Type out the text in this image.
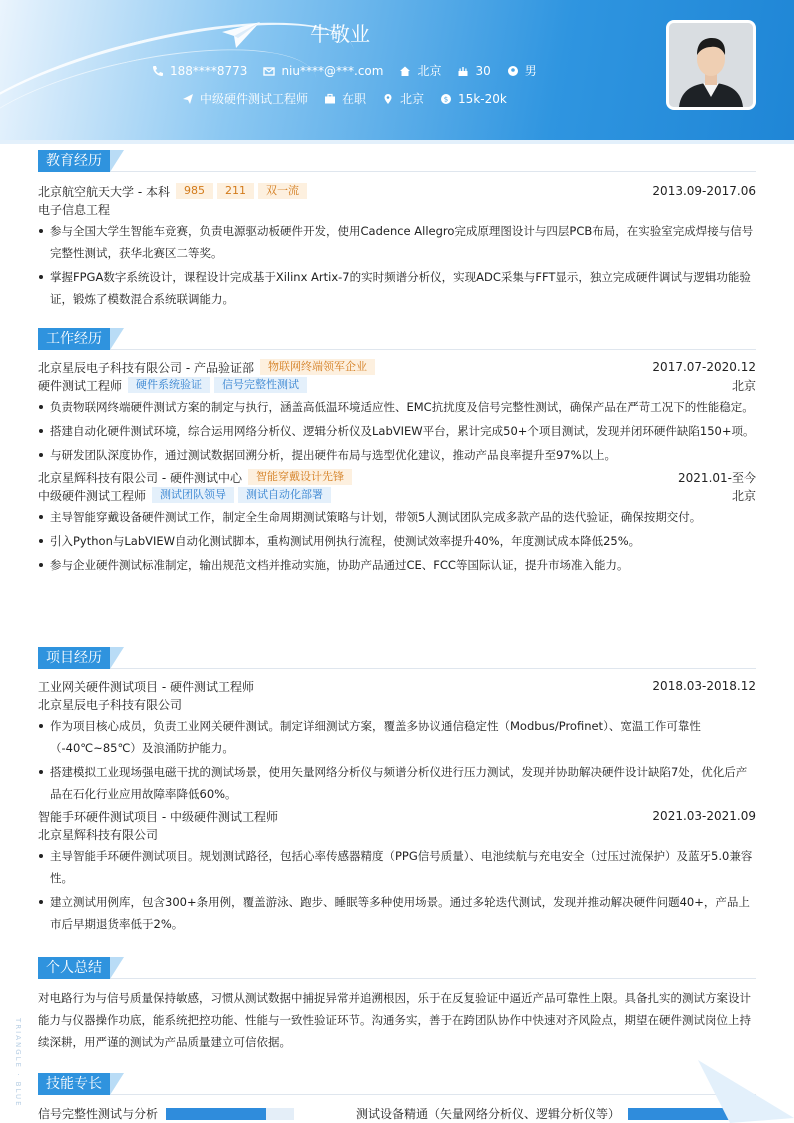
牛敬业
188****8773	niu****@***.com	北京	30	男
中级硬件测试工程师	在职	北京	$ 15k-20k
教育经历
北京航空航天大学 - 本科	985	211	双一流	2013.09-2017.06
电子信息工程
参与全国大学生智能车竞赛，负责电源驱动板硬件开发，使用Cadence Allegro完成原理图设计与四层PCB布局，在实验室完成焊接与信号完整性测试，获华北赛区二等奖。
掌握FPGA数字系统设计，课程设计完成基于Xilinx Artix-7的实时频谱分析仪，实现ADC采集与FFT显示，独立完成硬件调试与逻辑功能验证，锻炼了模数混合系统联调能力。
工作经历
北京星辰电子科技有限公司 - 产品验证部	物联网终端领军企业	2017.07-2020.12
硬件测试工程师	硬件系统验证	信号完整性测试	北京
负责物联网终端硬件测试方案的制定与执行，涵盖高低温环境适应性、EMC抗扰度及信号完整性测试，确保产品在严苛工况下的性能稳定。
搭建自动化硬件测试环境，综合运用网络分析仪、逻辑分析仪及LabVIEW平台，累计完成50+个项目测试，发现并闭环硬件缺陷150+项。
与研发团队深度协作，通过测试数据回溯分析，提出硬件布局与选型优化建议，推动产品良率提升至97%以上。
北京星辉科技有限公司 - 硬件测试中心	智能穿戴设计先锋	2021.01-至今
中级硬件测试工程师	测试团队领导	测试自动化部署	北京
主导智能穿戴设备硬件测试工作，制定全生命周期测试策略与计划，带领5人测试团队完成多款产品的迭代验证，确保按期交付。
引入Python与LabVIEW自动化测试脚本，重构测试用例执行流程，使测试效率提升40%，年度测试成本降低25%。
参与企业硬件测试标准制定，输出规范文档并推动实施，协助产品通过CE、FCC等国际认证，提升市场准入能力。
项目经历
工业网关硬件测试项目 - 硬件测试工程师	2018.03-2018.12
北京星辰电子科技有限公司
作为项目核心成员，负责工业网关硬件测试。制定详细测试方案，覆盖多协议通信稳定性（Modbus/Profinet）、宽温工作可靠性（-40℃~85℃）及浪涌防护能力。
搭建模拟工业现场强电磁干扰的测试场景，使用矢量网络分析仪与频谱分析仪进行压力测试，发现并协助解决硬件设计缺陷7处，优化后产品在石化行业应用故障率降低60%。
智能手环硬件测试项目 - 中级硬件测试工程师	2021.03-2021.09
北京星辉科技有限公司
主导智能手环硬件测试项目。规划测试路径，包括心率传感器精度（PPG信号质量）、电池续航与充电安全（过压过流保护）及蓝牙5.0兼容性。
建立测试用例库，包含300+条用例，覆盖游泳、跑步、睡眠等多种使用场景。通过多轮迭代测试，发现并推动解决硬件问题40+，产品上市后早期退货率低于2%。
个人总结
对电路行为与信号质量保持敏感，习惯从测试数据中捕捉异常并追溯根因，乐于在反复验证中逼近产品可靠性上限。具备扎实的测试方案设计能力与仪器操作功底，能系统把控功能、性能与一致性验证环节。沟通务实，善于在跨团队协作中快速对齐风险点，期望在硬件测试岗位上持续深耕，用严谨的测试为产品质量建立可信依据。
技能专长
信号完整性测试与分析	测试设备精通（矢量网络分析仪、逻辑分析仪等）
TRIANGLE · BLUE
